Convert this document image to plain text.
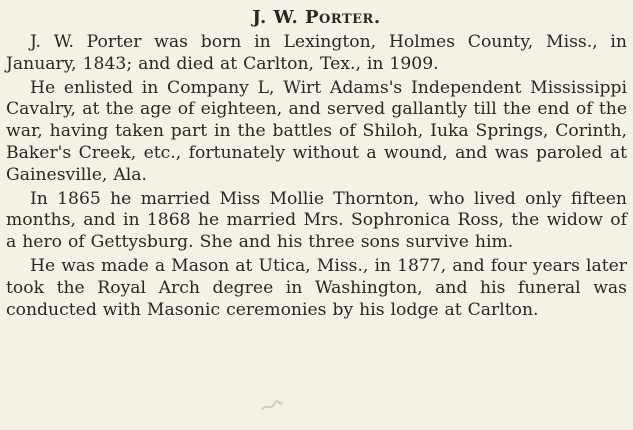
J. W. Porter.

J. W. Porter was born in Lexington, Holmes County, Miss., in January, 1843; and died at Carlton, Tex., in 1909.

He enlisted in Company L, Wirt Adams's Independent Mississippi Cavalry, at the age of eighteen, and served gallantly till the end of the war, having taken part in the battles of Shiloh, Iuka Springs, Corinth, Baker's Creek, etc., fortunately without a wound, and was paroled at Gainesville, Ala.

In 1865 he married Miss Mollie Thornton, who lived only fifteen months, and in 1868 he married Mrs. Sophronica Ross, the widow of a hero of Gettysburg. She and his three sons survive him.

He was made a Mason at Utica, Miss., in 1877, and four years later took the Royal Arch degree in Washington, and his funeral was conducted with Masonic ceremonies by his lodge at Carlton.
